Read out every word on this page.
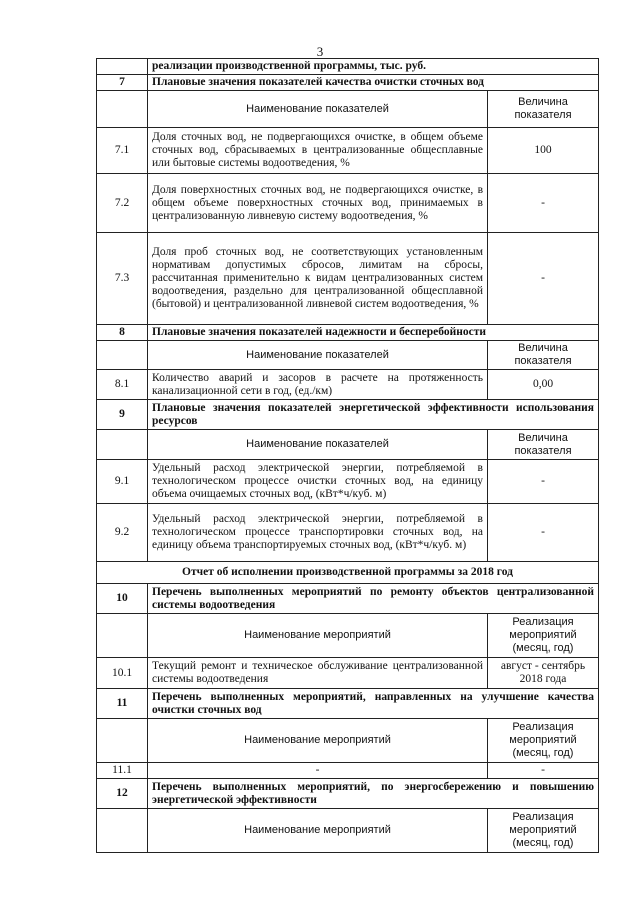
3
	реализации производственной программы, тыс. руб.	
7	Плановые значения показателей качества очистки сточных вод	
	Наименование показателей	Величина показателя
7.1	Доля сточных вод, не подвергающихся очистке, в общем объеме сточных вод, сбрасываемых в централизованные общесплавные или бытовые системы водоотведения, %	100
7.2	Доля поверхностных сточных вод, не подвергающихся очистке, в общем объеме поверхностных сточных вод, принимаемых в централизованную ливневую систему водоотведения, %	-
7.3	Доля проб сточных вод, не соответствующих установленным нормативам допустимых сбросов, лимитам на сбросы, рассчитанная применительно к видам централизованных систем водоотведения, раздельно для централизованной общесплавной (бытовой) и централизованной ливневой систем водоотведения, %	-
8	Плановые значения показателей надежности и бесперебойности	
	Наименование показателей	Величина показателя
8.1	Количество аварий и засоров в расчете на протяженность канализационной сети в год, (ед./км)	0,00
9	Плановые значения показателей энергетической эффективности использования ресурсов	
	Наименование показателей	Величина показателя
9.1	Удельный расход электрической энергии, потребляемой в технологическом процессе очистки сточных вод, на единицу объема очищаемых сточных вод, (кВт*ч/куб. м)	-
9.2	Удельный расход электрической энергии, потребляемой в технологическом процессе транспортировки сточных вод, на единицу объема транспортируемых сточных вод, (кВт*ч/куб. м)	-
Отчет об исполнении производственной программы за 2018 год		
10	Перечень выполненных мероприятий по ремонту объектов централизованной системы водоотведения	
	Наименование мероприятий	Реализация мероприятий (месяц, год)
10.1	Текущий ремонт и техническое обслуживание централизованной системы водоотведения	август - сентябрь 2018 года
11	Перечень выполненных мероприятий, направленных на улучшение качества очистки сточных вод	
	Наименование мероприятий	Реализация мероприятий (месяц, год)
11.1	-	-
12	Перечень выполненных мероприятий, по энергосбережению и повышению энергетической эффективности	
	Наименование мероприятий	Реализация мероприятий (месяц, год)
